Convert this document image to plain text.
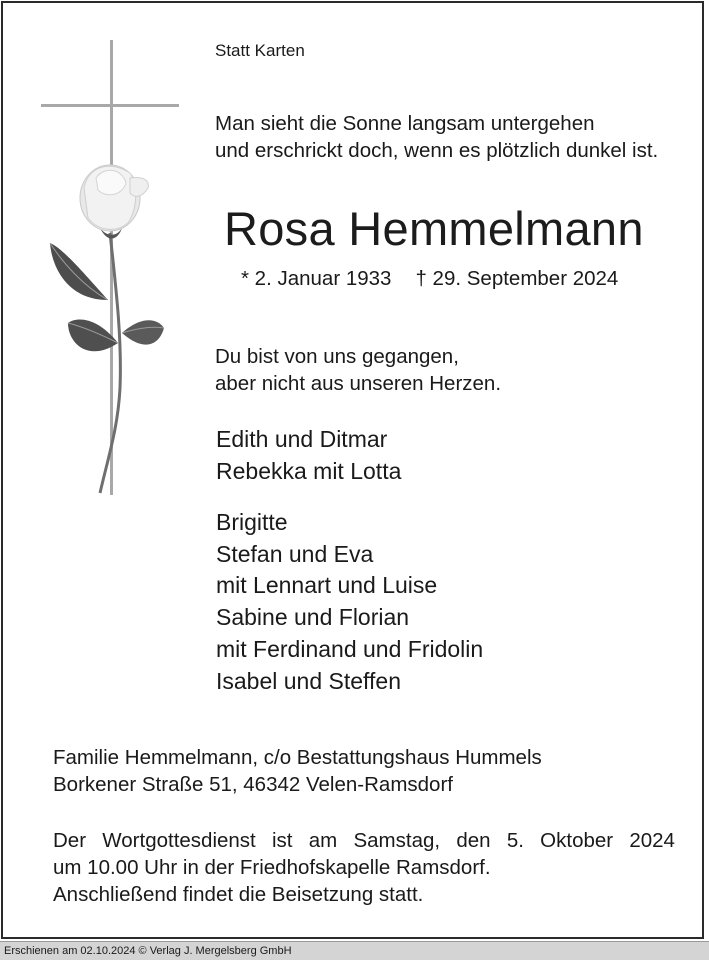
Statt Karten
Man sieht die Sonne langsam untergehen
und erschrickt doch, wenn es plötzlich dunkel ist.
Rosa Hemmelmann
* 2. Januar 1933 † 29. September 2024
Du bist von uns gegangen,
aber nicht aus unseren Herzen.
Edith und Ditmar
Rebekka mit Lotta
Brigitte
Stefan und Eva
mit Lennart und Luise
Sabine und Florian
mit Ferdinand und Fridolin
Isabel und Steffen
Familie Hemmelmann, c/o Bestattungshaus Hummels
Borkener Straße 51, 46342 Velen-Ramsdorf
Der Wortgottesdienst ist am Samstag, den 5. Oktober 2024
um 10.00 Uhr in der Friedhofskapelle Ramsdorf.
Anschließend findet die Beisetzung statt.
Erschienen am 02.10.2024 © Verlag J. Mergelsberg GmbH
